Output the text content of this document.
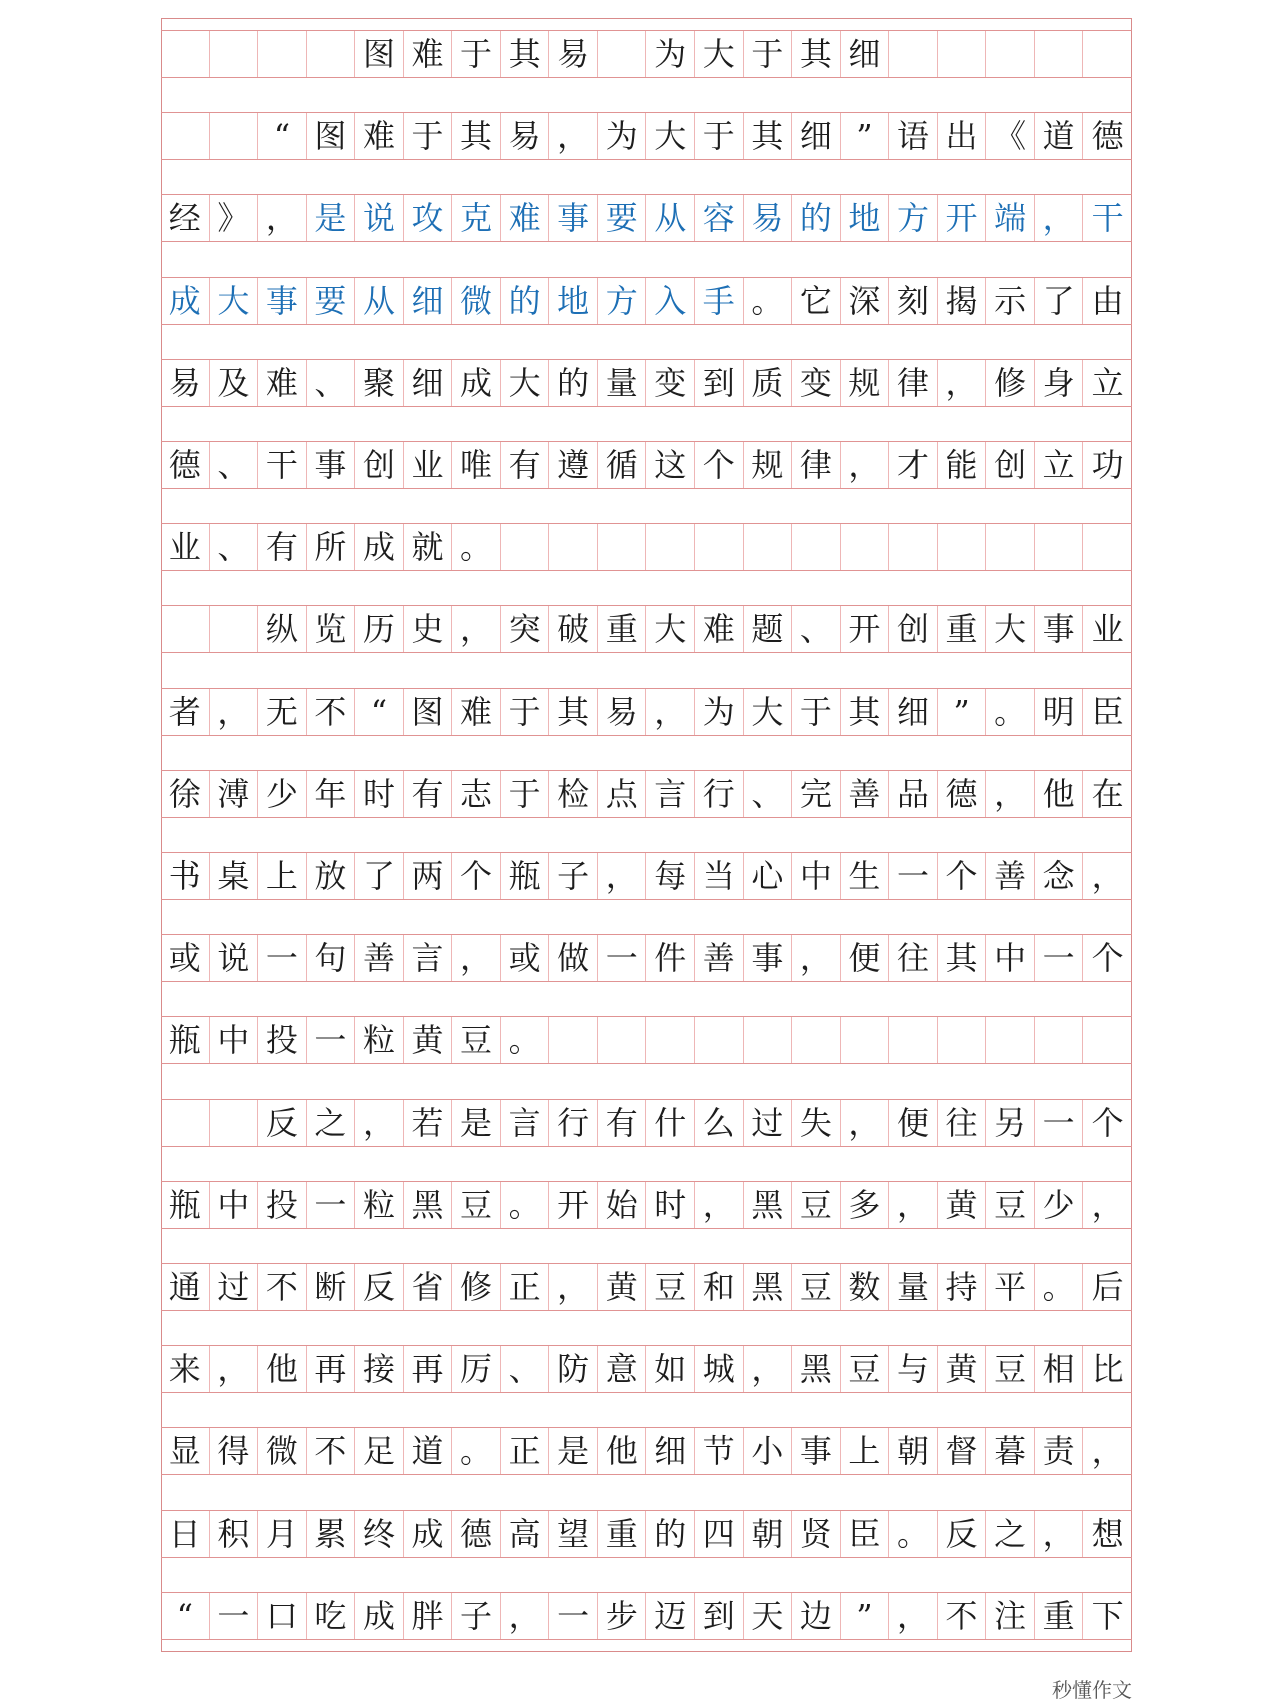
图 难 于 其 易 为 大 于 其 细
“ 图 难 于 其 易 ， 为 大 于 其 细 ” 语 出 《 道 德
经 》 ， 是 说 攻 克 难 事 要 从 容 易 的 地 方 开 端 ， 干
成 大 事 要 从 细 微 的 地 方 入 手 。 它 深 刻 揭 示 了 由
易 及 难 、 聚 细 成 大 的 量 变 到 质 变 规 律 ， 修 身 立
德 、 干 事 创 业 唯 有 遵 循 这 个 规 律 ， 才 能 创 立 功
业 、 有 所 成 就 。
纵 览 历 史 ， 突 破 重 大 难 题 、 开 创 重 大 事 业
者 ， 无 不 “ 图 难 于 其 易 ， 为 大 于 其 细 ” 。 明 臣
徐 溥 少 年 时 有 志 于 检 点 言 行 、 完 善 品 德 ， 他 在
书 桌 上 放 了 两 个 瓶 子 ， 每 当 心 中 生 一 个 善 念 ，
或 说 一 句 善 言 ， 或 做 一 件 善 事 ， 便 往 其 中 一 个
瓶 中 投 一 粒 黄 豆 。
反 之 ， 若 是 言 行 有 什 么 过 失 ， 便 往 另 一 个
瓶 中 投 一 粒 黑 豆 。 开 始 时 ， 黑 豆 多 ， 黄 豆 少 ，
通 过 不 断 反 省 修 正 ， 黄 豆 和 黑 豆 数 量 持 平 。 后
来 ， 他 再 接 再 厉 、 防 意 如 城 ， 黑 豆 与 黄 豆 相 比
显 得 微 不 足 道 。 正 是 他 细 节 小 事 上 朝 督 暮 责 ，
日 积 月 累 终 成 德 高 望 重 的 四 朝 贤 臣 。 反 之 ， 想
“ 一 口 吃 成 胖 子 ， 一 步 迈 到 天 边 ” ， 不 注 重 下
秒懂作文
